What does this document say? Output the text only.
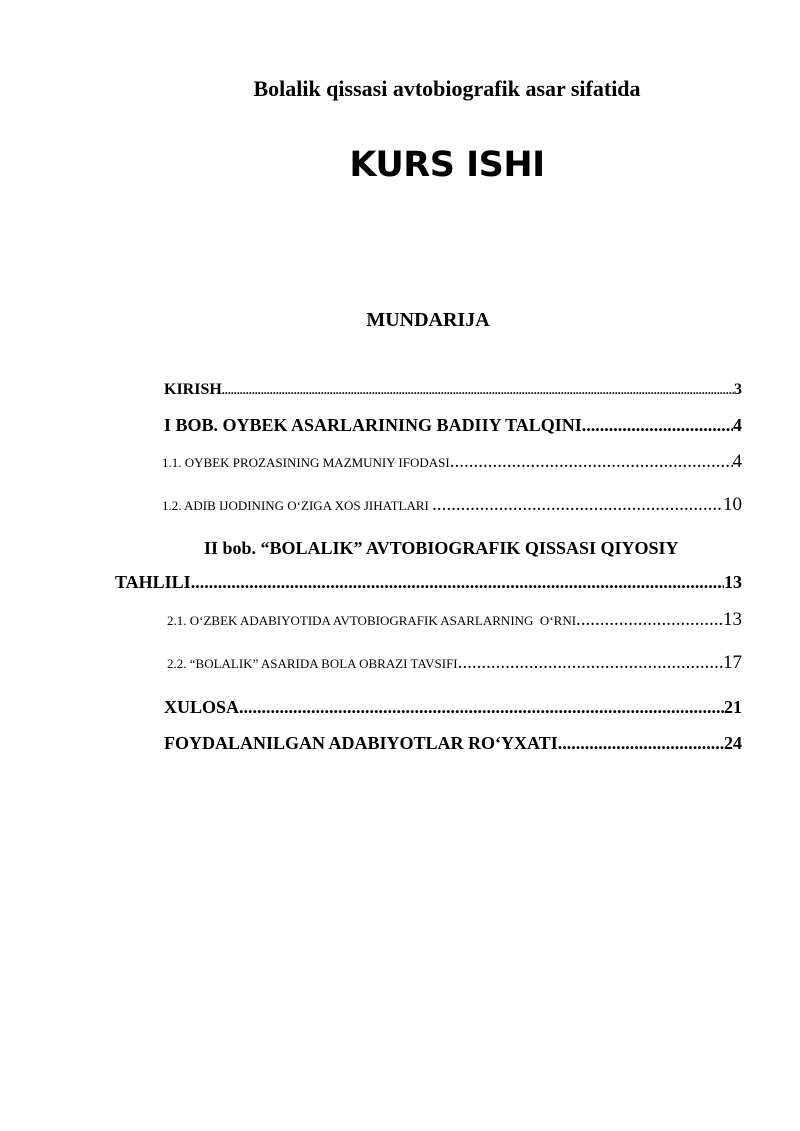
Bolalik qissasi avtobiografik asar sifatida
KURS ISHI
MUNDARIJA
KIRISH .....	3
I BOB. OYBEK ASARLARINING BADIIY TALQINI .....	4
1.1. OYBEK PROZASINING MAZMUNIY IFODASI .....	4
1.2. ADIB IJODINING O‘ZIGA XOS JIHATLARI .....	10
II bob. “BOLALIK” AVTOBIOGRAFIK QISSASI QIYOSIY
TAHLILI .....	13
2.1. O‘ZBEK ADABIYOTIDA AVTOBIOGRAFIK ASARLARNING  O‘RNI .....	13
2.2. “BOLALIK” ASARIDA BOLA OBRAZI TAVSIFI .....	17
XULOSA .....	21
FOYDALANILGAN ADABIYOTLAR RO‘YXATI .....	24
